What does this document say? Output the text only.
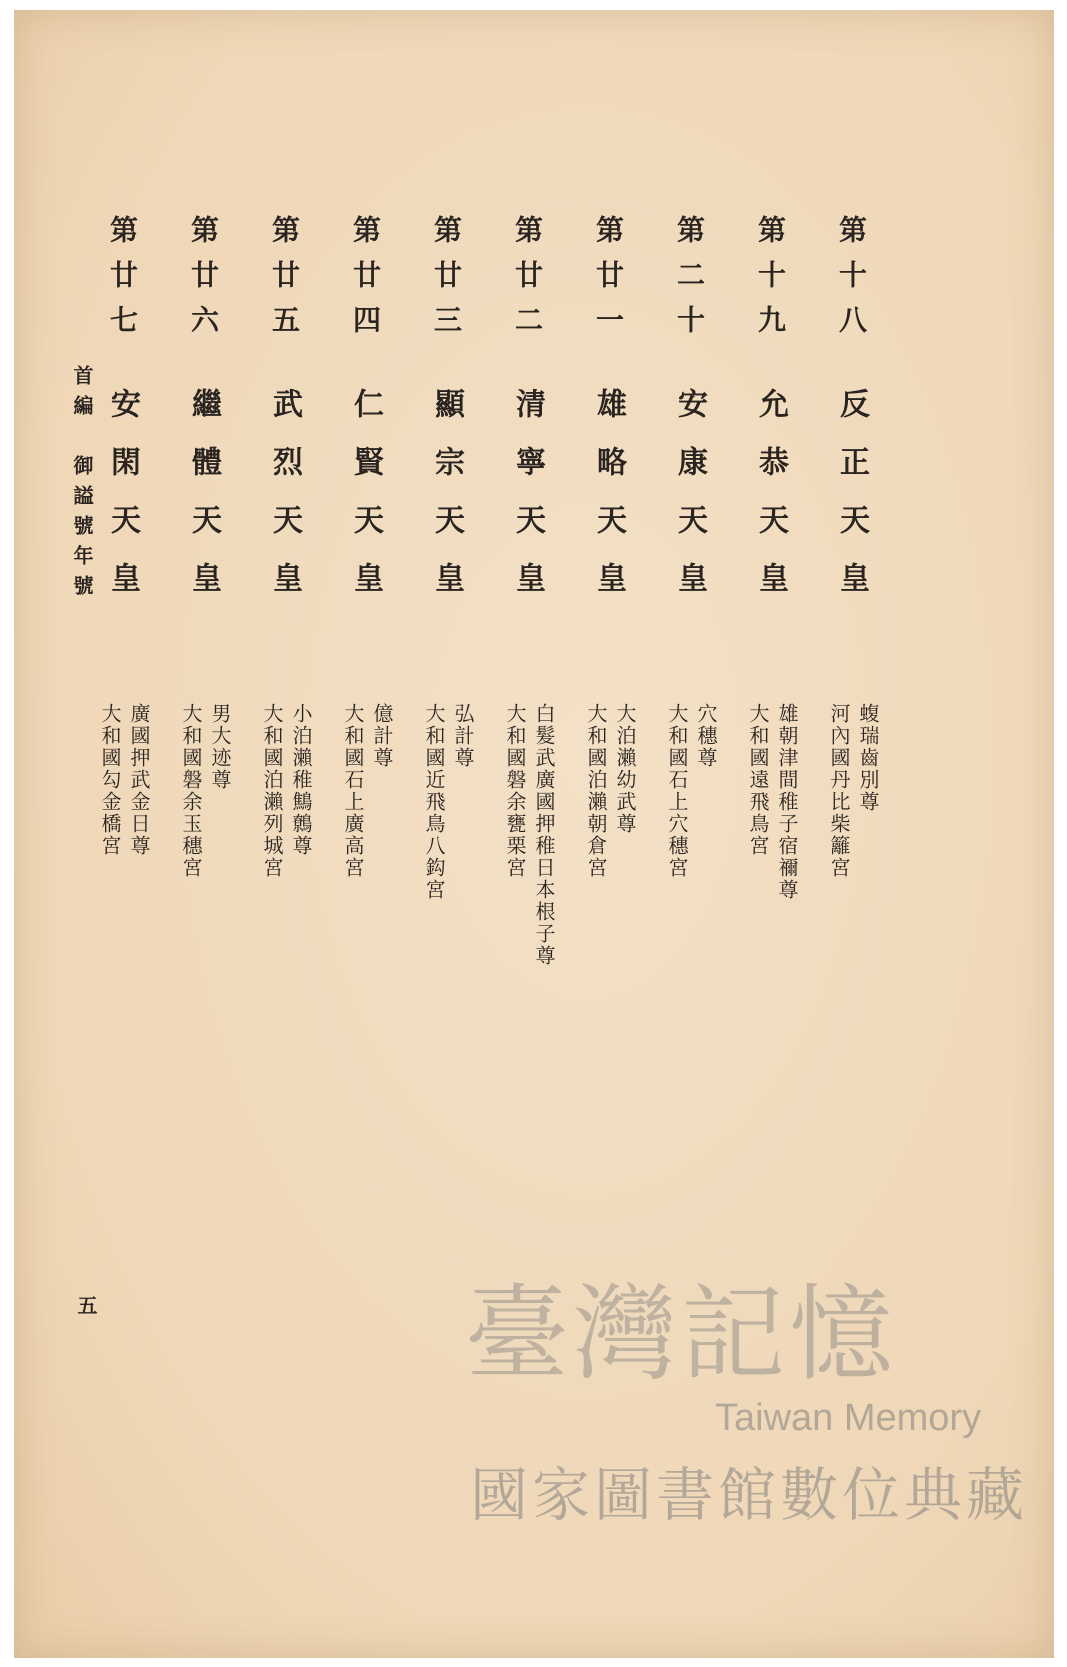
第十八
反正天皇
蝮瑞齒別尊
河內國丹比柴籬宮
第十九
允恭天皇
雄朝津間稚子宿禰尊
大和國遠飛鳥宮
第二十
安康天皇
穴穗尊
大和國石上穴穗宮
第廿一
雄略天皇
大泊瀨幼武尊
大和國泊瀨朝倉宮
第廿二
清寧天皇
白髮武廣國押稚日本根子尊
大和國磐余甕栗宮
第廿三
顯宗天皇
弘計尊
大和國近飛鳥八鈎宮
第廿四
仁賢天皇
億計尊
大和國石上廣高宮
第廿五
武烈天皇
小泊瀨稚鷦鷯尊
大和國泊瀨列城宮
第廿六
繼體天皇
男大迹尊
大和國磐余玉穗宮
第廿七
安閑天皇
廣國押武金日尊
大和國勾金橋宮
首編　御謚號年號
五	臺灣記憶
Taiwan Memory
國家圖書館數位典藏
